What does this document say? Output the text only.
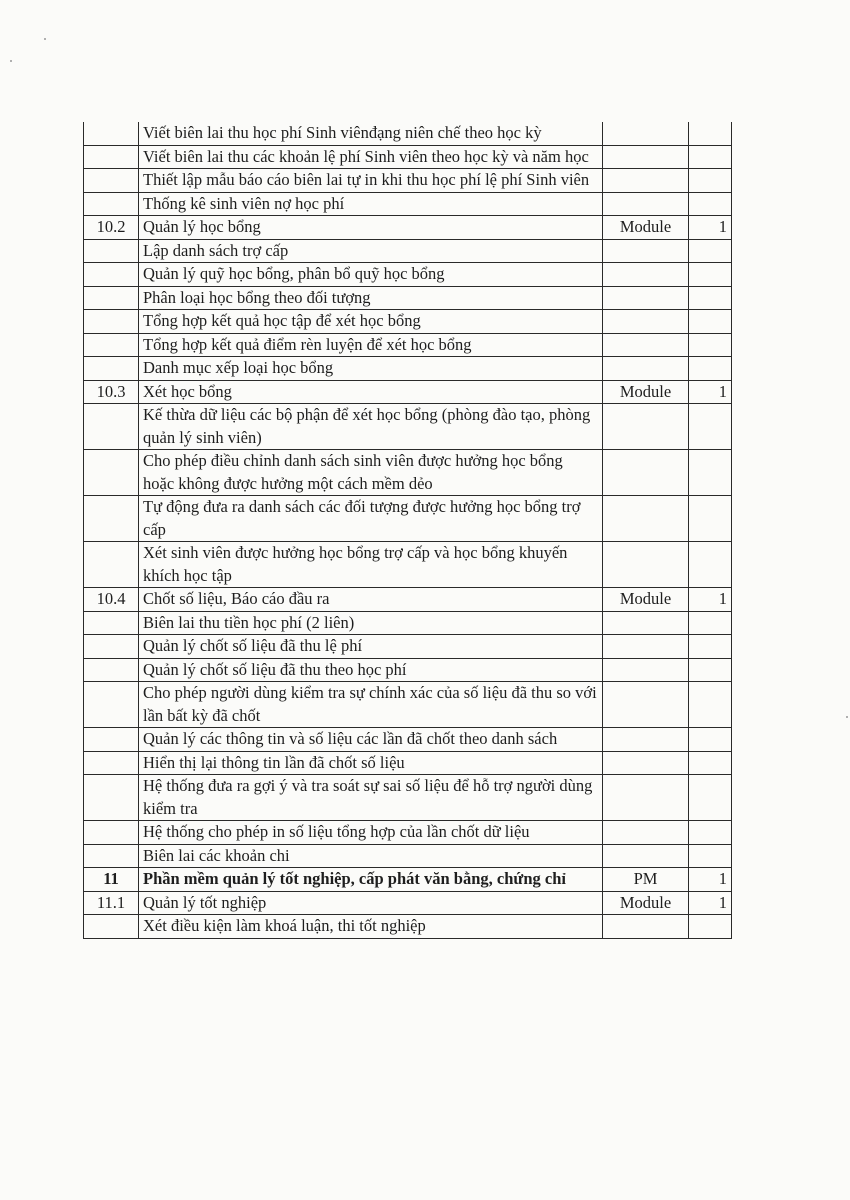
	Viết biên lai thu học phí Sinh viênđạng niên chế theo học kỳ		
	Viết biên lai thu các khoản lệ phí Sinh viên theo học kỳ và năm học		
	Thiết lập mẫu báo cáo biên lai tự in khi thu học phí lệ phí Sinh viên		
	Thống kê sinh viên nợ học phí		
10.2	Quản lý học bổng	Module	1
	Lập danh sách trợ cấp		
	Quản lý quỹ học bổng, phân bổ quỹ học bổng		
	Phân loại học bổng theo đối tượng		
	Tổng hợp kết quả học tập để xét học bổng		
	Tổng hợp kết quả điểm rèn luyện để xét học bổng		
	Danh mục xếp loại học bổng		
10.3	Xét học bổng	Module	1
	Kế thừa dữ liệu các bộ phận để xét học bổng (phòng đào tạo, phòng quản lý sinh viên)		
	Cho phép điều chỉnh danh sách sinh viên được hưởng học bổng hoặc không được hưởng một cách mềm dẻo		
	Tự động đưa ra danh sách các đối tượng được hưởng học bổng trợ cấp		
	Xét sinh viên được hưởng học bổng trợ cấp và học bổng khuyến khích học tập		
10.4	Chốt số liệu, Báo cáo đầu ra	Module	1
	Biên lai thu tiền học phí (2 liên)		
	Quản lý chốt số liệu đã thu lệ phí		
	Quản lý chốt số liệu đã thu theo học phí		
	Cho phép người dùng kiểm tra sự chính xác của số liệu đã thu so với lần bất kỳ đã chốt		
	Quản lý các thông tin và số liệu các lần đã chốt theo danh sách		
	Hiển thị lại thông tin lần đã chốt số liệu		
	Hệ thống đưa ra gợi ý và tra soát sự sai số liệu để hỗ trợ người dùng kiểm tra		
	Hệ thống cho phép in số liệu tổng hợp của lần chốt dữ liệu		
	Biên lai các khoản chi		
11	Phần mềm quản lý tốt nghiệp, cấp phát văn bằng, chứng chỉ	PM	1
11.1	Quản lý tốt nghiệp	Module	1
	Xét điều kiện làm khoá luận, thi tốt nghiệp		
